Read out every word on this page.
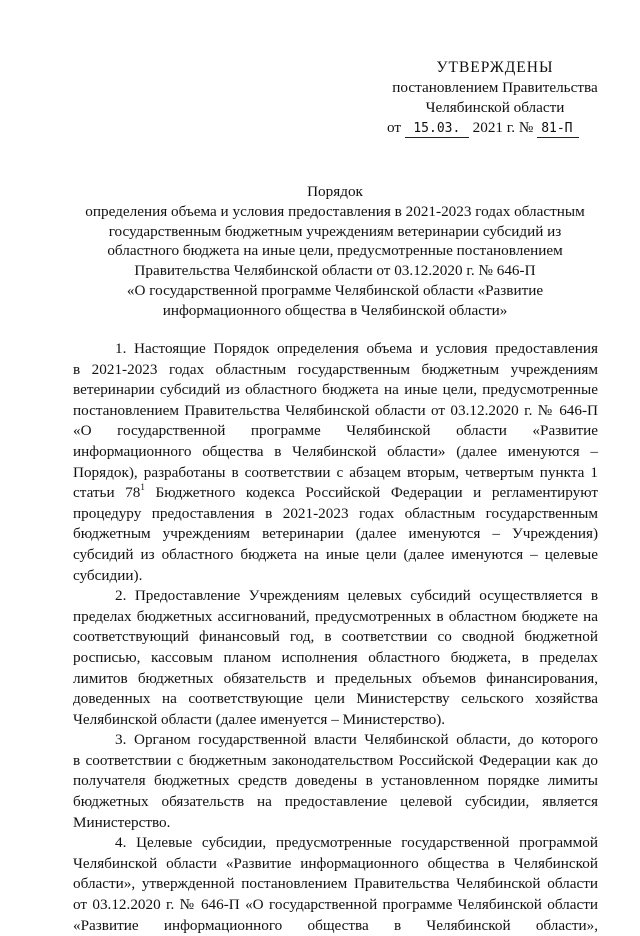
УТВЕРЖДЕНЫ
постановлением Правительства
Челябинской области
от 15.03. 2021 г. № 81-П
Порядок
определения объема и условия предоставления в 2021-2023 годах областным
государственным бюджетным учреждениям ветеринарии субсидий из
областного бюджета на иные цели, предусмотренные постановлением
Правительства Челябинской области от 03.12.2020 г. № 646-П
«О государственной программе Челябинской области «Развитие
информационного общества в Челябинской области»
1. Настоящие Порядок определения объема и условия предоставления
в 2021-2023 годах областным государственным бюджетным учреждениям
ветеринарии субсидий из областного бюджета на иные цели, предусмотренные
постановлением Правительства Челябинской области от 03.12.2020 г. № 646-П
«О государственной программе Челябинской области «Развитие
информационного общества в Челябинской области» (далее именуются –
Порядок), разработаны в соответствии с абзацем вторым, четвертым пункта 1
статьи $78^1$ Бюджетного кодекса Российской Федерации и регламентируют
процедуру предоставления в 2021-2023 годах областным государственным
бюджетным учреждениям ветеринарии (далее именуются – Учреждения)
субсидий из областного бюджета на иные цели (далее именуются – целевые
субсидии).
2. Предоставление Учреждениям целевых субсидий осуществляется в
пределах бюджетных ассигнований, предусмотренных в областном бюджете на
соответствующий финансовый год, в соответствии со сводной бюджетной
росписью, кассовым планом исполнения областного бюджета, в пределах
лимитов бюджетных обязательств и предельных объемов финансирования,
доведенных на соответствующие цели Министерству сельского хозяйства
Челябинской области (далее именуется – Министерство).
3. Органом государственной власти Челябинской области, до которого
в соответствии с бюджетным законодательством Российской Федерации как до
получателя бюджетных средств доведены в установленном порядке лимиты
бюджетных обязательств на предоставление целевой субсидии, является
Министерство.
4. Целевые субсидии, предусмотренные государственной программой
Челябинской области «Развитие информационного общества в Челябинской
области», утвержденной постановлением Правительства Челябинской области
от 03.12.2020 г. № 646-П «О государственной программе Челябинской области
«Развитие информационного общества в Челябинской области»,
